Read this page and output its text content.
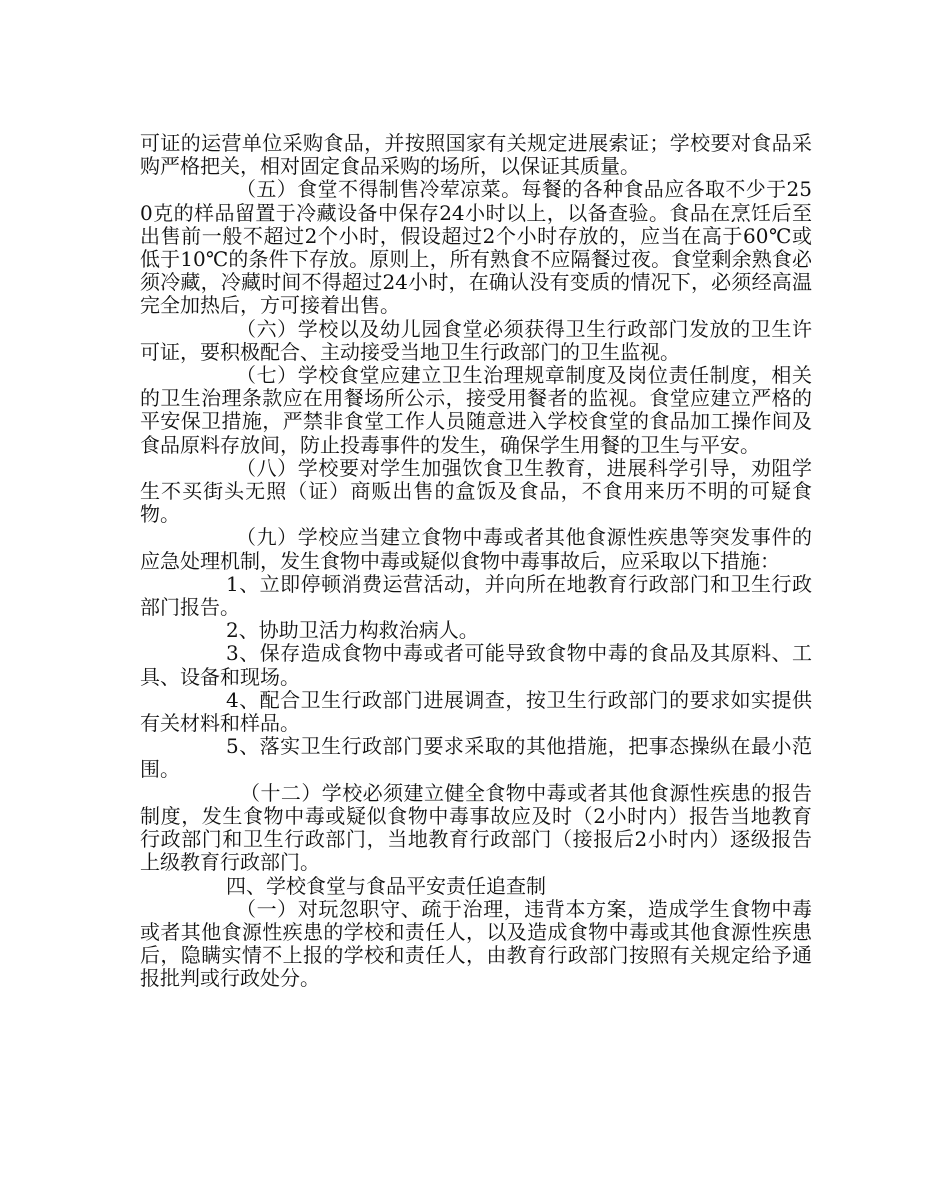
可证的运营单位采购食品，并按照国家有关规定进展索证；学校要对食品采购严格把关，相对固定食品采购的场所，以保证其质量。

（五）食堂不得制售冷荤凉菜。每餐的各种食品应各取不少于250克的样品留置于冷藏设备中保存24小时以上，以备查验。食品在烹饪后至出售前一般不超过2个小时，假设超过2个小时存放的，应当在高于60℃或低于10℃的条件下存放。原则上，所有熟食不应隔餐过夜。食堂剩余熟食必须冷藏，冷藏时间不得超过24小时，在确认没有变质的情况下，必须经高温完全加热后，方可接着出售。

（六）学校以及幼儿园食堂必须获得卫生行政部门发放的卫生许可证，要积极配合、主动接受当地卫生行政部门的卫生监视。

（七）学校食堂应建立卫生治理规章制度及岗位责任制度，相关的卫生治理条款应在用餐场所公示，接受用餐者的监视。食堂应建立严格的平安保卫措施，严禁非食堂工作人员随意进入学校食堂的食品加工操作间及食品原料存放间，防止投毒事件的发生，确保学生用餐的卫生与平安。

（八）学校要对学生加强饮食卫生教育，进展科学引导，劝阻学生不买街头无照（证）商贩出售的盒饭及食品，不食用来历不明的可疑食物。

（九）学校应当建立食物中毒或者其他食源性疾患等突发事件的应急处理机制，发生食物中毒或疑似食物中毒事故后，应采取以下措施：

1、立即停顿消费运营活动，并向所在地教育行政部门和卫生行政部门报告。

2、协助卫活力构救治病人。

3、保存造成食物中毒或者可能导致食物中毒的食品及其原料、工具、设备和现场。

4、配合卫生行政部门进展调查，按卫生行政部门的要求如实提供有关材料和样品。

5、落实卫生行政部门要求采取的其他措施，把事态操纵在最小范围。

（十二）学校必须建立健全食物中毒或者其他食源性疾患的报告制度，发生食物中毒或疑似食物中毒事故应及时（2小时内）报告当地教育行政部门和卫生行政部门，当地教育行政部门（接报后2小时内）逐级报告上级教育行政部门。

四、学校食堂与食品平安责任追查制

（一）对玩忽职守、疏于治理，违背本方案，造成学生食物中毒或者其他食源性疾患的学校和责任人，以及造成食物中毒或其他食源性疾患后，隐瞒实情不上报的学校和责任人，由教育行政部门按照有关规定给予通报批判或行政处分。
